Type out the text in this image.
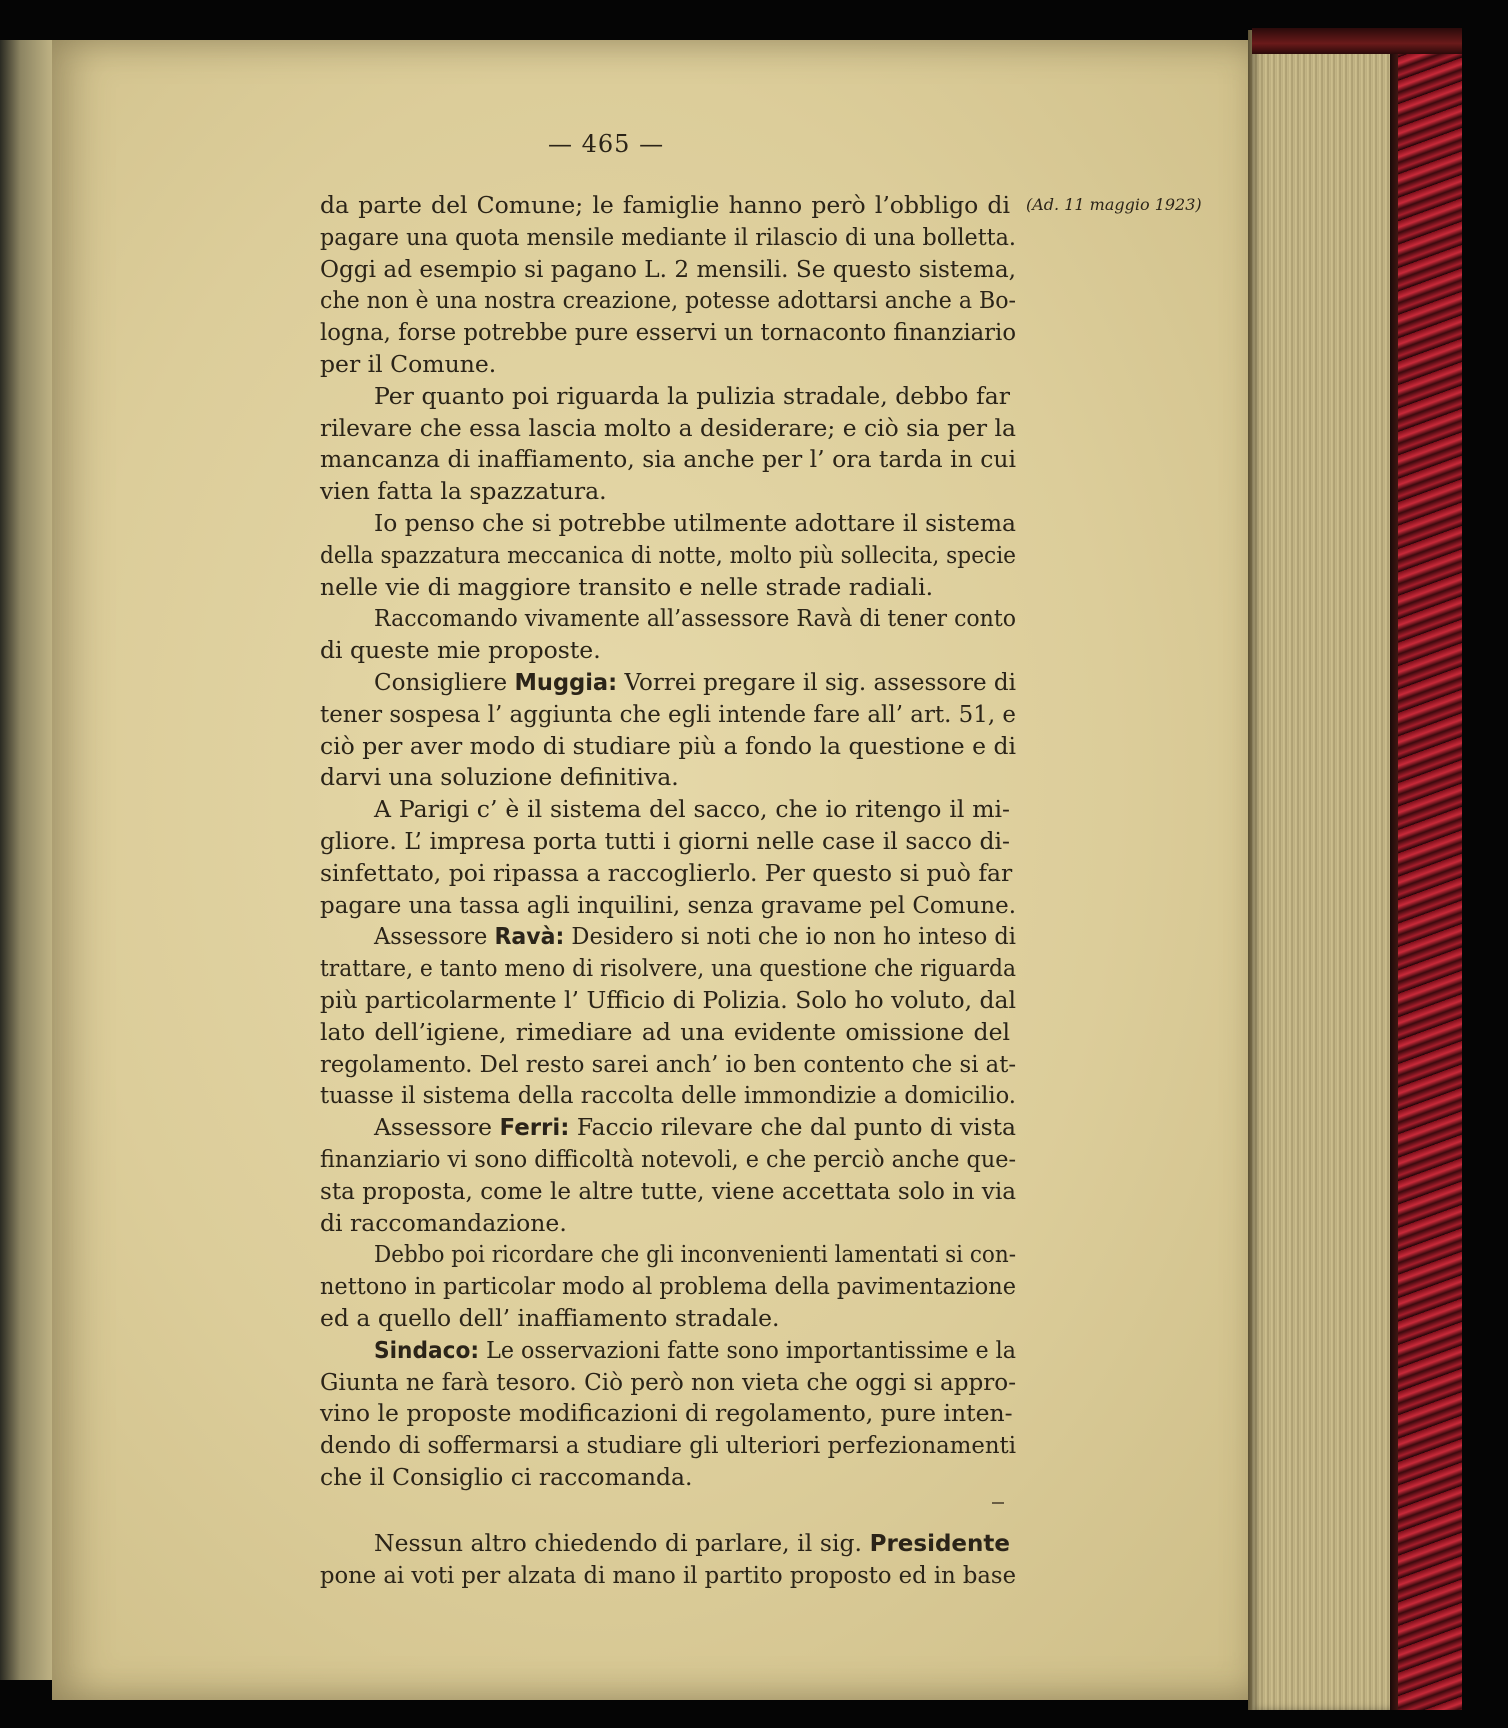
— 465 —
(Ad. 11 maggio 1923)
da parte del Comune; le famiglie hanno però l’obbligo di
pagare una quota mensile mediante il rilascio di una bolletta.
Oggi ad esempio si pagano L. 2 mensili. Se questo sistema,
che non è una nostra creazione, potesse adottarsi anche a Bo-
logna, forse potrebbe pure esservi un tornaconto finanziario
per il Comune.
Per quanto poi riguarda la pulizia stradale, debbo far
rilevare che essa lascia molto a desiderare; e ciò sia per la
mancanza di inaffiamento, sia anche per l’ ora tarda in cui
vien fatta la spazzatura.
Io penso che si potrebbe utilmente adottare il sistema
della spazzatura meccanica di notte, molto più sollecita, specie
nelle vie di maggiore transito e nelle strade radiali.
Raccomando vivamente all’assessore Ravà di tener conto
di queste mie proposte.
Consigliere Muggia: Vorrei pregare il sig. assessore di
tener sospesa l’ aggiunta che egli intende fare all’ art. 51, e
ciò per aver modo di studiare più a fondo la questione e di
darvi una soluzione definitiva.
A Parigi c’ è il sistema del sacco, che io ritengo il mi-
gliore. L’ impresa porta tutti i giorni nelle case il sacco di-
sinfettato, poi ripassa a raccoglierlo. Per questo si può far
pagare una tassa agli inquilini, senza gravame pel Comune.
Assessore Ravà: Desidero si noti che io non ho inteso di
trattare, e tanto meno di risolvere, una questione che riguarda
più particolarmente l’ Ufficio di Polizia. Solo ho voluto, dal
lato dell’igiene, rimediare ad una evidente omissione del
regolamento. Del resto sarei anch’ io ben contento che si at-
tuasse il sistema della raccolta delle immondizie a domicilio.
Assessore Ferri: Faccio rilevare che dal punto di vista
finanziario vi sono difficoltà notevoli, e che perciò anche que-
sta proposta, come le altre tutte, viene accettata solo in via
di raccomandazione.
Debbo poi ricordare che gli inconvenienti lamentati si con-
nettono in particolar modo al problema della pavimentazione
ed a quello dell’ inaffiamento stradale.
Sindaco: Le osservazioni fatte sono importantissime e la
Giunta ne farà tesoro. Ciò però non vieta che oggi si appro-
vino le proposte modificazioni di regolamento, pure inten-
dendo di soffermarsi a studiare gli ulteriori perfezionamenti
che il Consiglio ci raccomanda.
Nessun altro chiedendo di parlare, il sig. Presidente
pone ai voti per alzata di mano il partito proposto ed in base
